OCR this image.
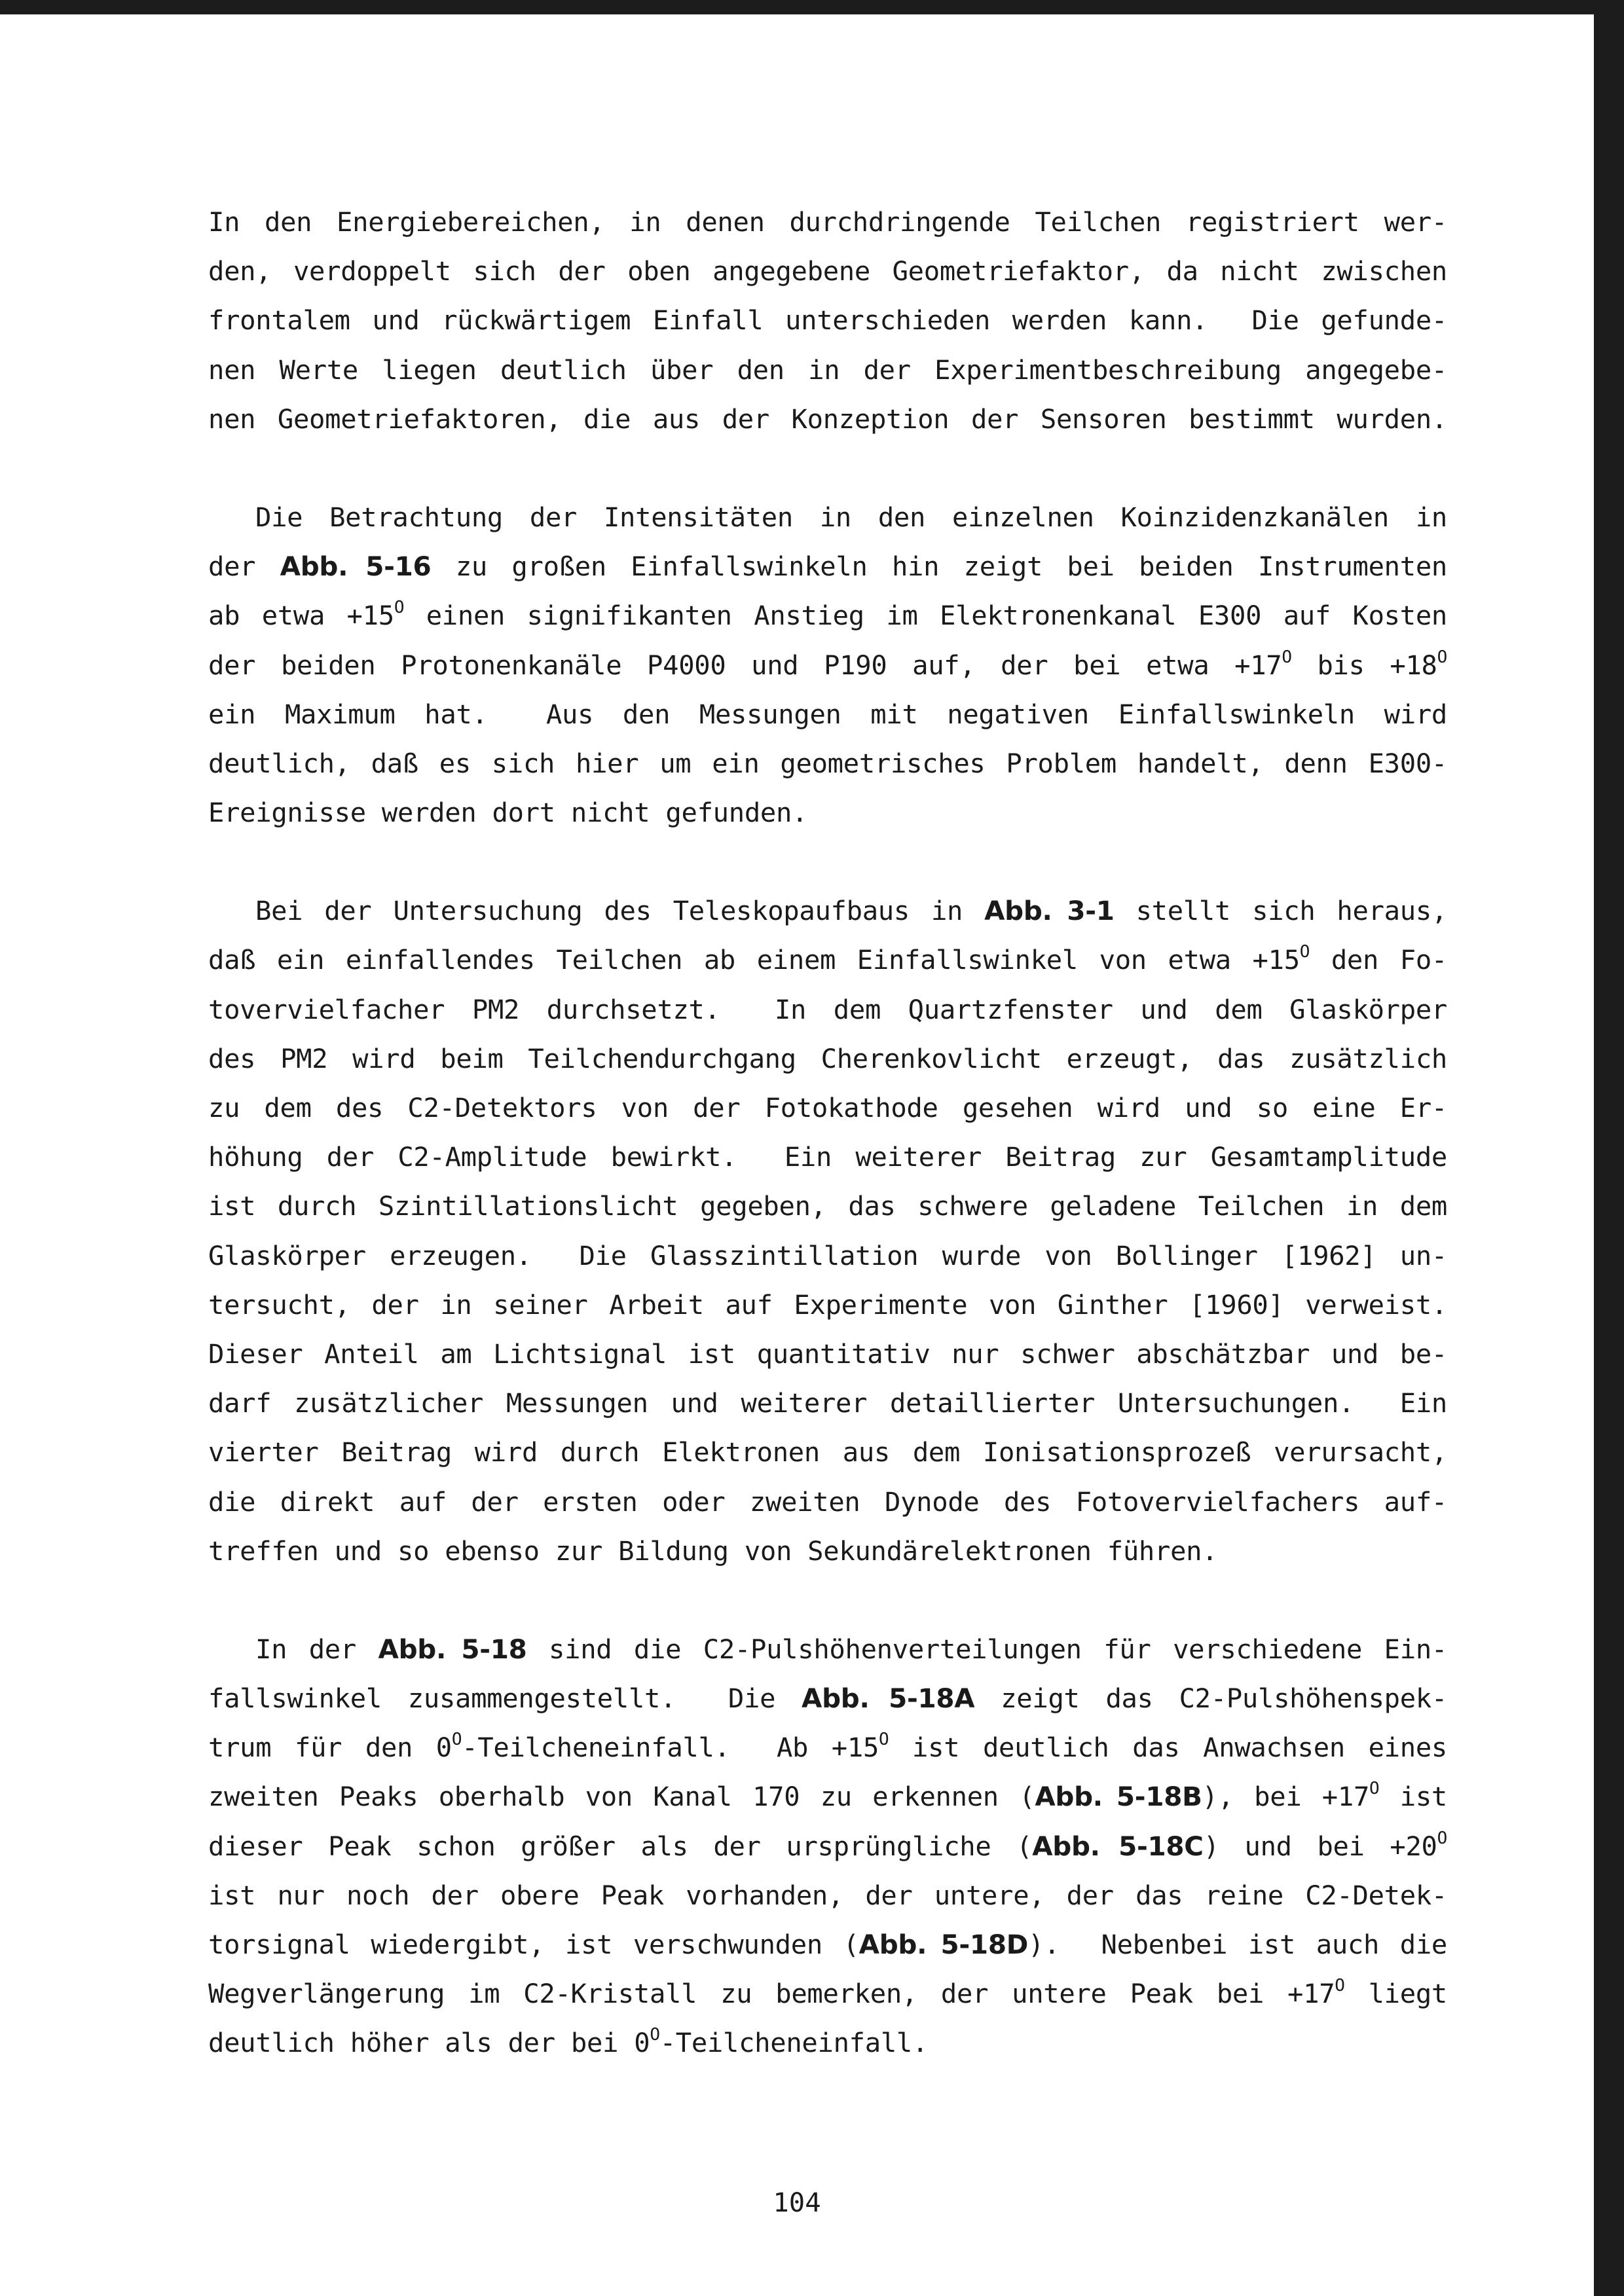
In den Energiebereichen, in denen durchdringende Teilchen registriert wer-
den, verdoppelt sich der oben angegebene Geometriefaktor, da nicht zwischen
frontalem und rückwärtigem Einfall unterschieden werden kann.  Die gefunde-
nen Werte liegen deutlich über den in der Experimentbeschreibung angegebe-
nen Geometriefaktoren, die aus der Konzeption der Sensoren bestimmt wurden.
Die Betrachtung der Intensitäten in den einzelnen Koinzidenzkanälen in
der Abb. 5-16 zu großen Einfallswinkeln hin zeigt bei beiden Instrumenten
ab etwa $+15^O$ einen signifikanten Anstieg im Elektronenkanal E300 auf Kosten
der beiden Protonenkanäle P4000 und P190 auf, der bei etwa $+17^O$ bis $+18^O$
ein Maximum hat.  Aus den Messungen mit negativen Einfallswinkeln wird
deutlich, daß es sich hier um ein geometrisches Problem handelt, denn E300-
Ereignisse werden dort nicht gefunden.
Bei der Untersuchung des Teleskopaufbaus in Abb. 3-1 stellt sich heraus,
daß ein einfallendes Teilchen ab einem Einfallswinkel von etwa $+15^O$ den Fo-
tovervielfacher PM2 durchsetzt.  In dem Quartzfenster und dem Glaskörper
des PM2 wird beim Teilchendurchgang Cherenkovlicht erzeugt, das zusätzlich
zu dem des C2-Detektors von der Fotokathode gesehen wird und so eine Er-
höhung der C2-Amplitude bewirkt.  Ein weiterer Beitrag zur Gesamtamplitude
ist durch Szintillationslicht gegeben, das schwere geladene Teilchen in dem
Glaskörper erzeugen.  Die Glasszintillation wurde von Bollinger [1962] un-
tersucht, der in seiner Arbeit auf Experimente von Ginther [1960] verweist.
Dieser Anteil am Lichtsignal ist quantitativ nur schwer abschätzbar und be-
darf zusätzlicher Messungen und weiterer detaillierter Untersuchungen.  Ein
vierter Beitrag wird durch Elektronen aus dem Ionisationsprozeß verursacht,
die direkt auf der ersten oder zweiten Dynode des Fotovervielfachers auf-
treffen und so ebenso zur Bildung von Sekundärelektronen führen.
In der Abb. 5-18 sind die C2-Pulshöhenverteilungen für verschiedene Ein-
fallswinkel zusammengestellt.  Die Abb. 5-18A zeigt das C2-Pulshöhenspek-
trum für den $0^O$-Teilcheneinfall.  $Ab +15^O$ ist deutlich das Anwachsen eines
zweiten Peaks oberhalb von Kanal 170 zu erkennen (Abb. 5-18B), bei $+17^O$ ist
dieser Peak schon größer als der ursprüngliche (Abb. 5-18C) und bei $+20^O$
ist nur noch der obere Peak vorhanden, der untere, der das reine C2-Detek-
torsignal wiedergibt, ist verschwunden (Abb. 5-18D).  Nebenbei ist auch die
Wegverlängerung im C2-Kristall zu bemerken, der untere Peak bei $+17^O$ liegt
deutlich höher als der bei $0^O$-Teilcheneinfall.
104
